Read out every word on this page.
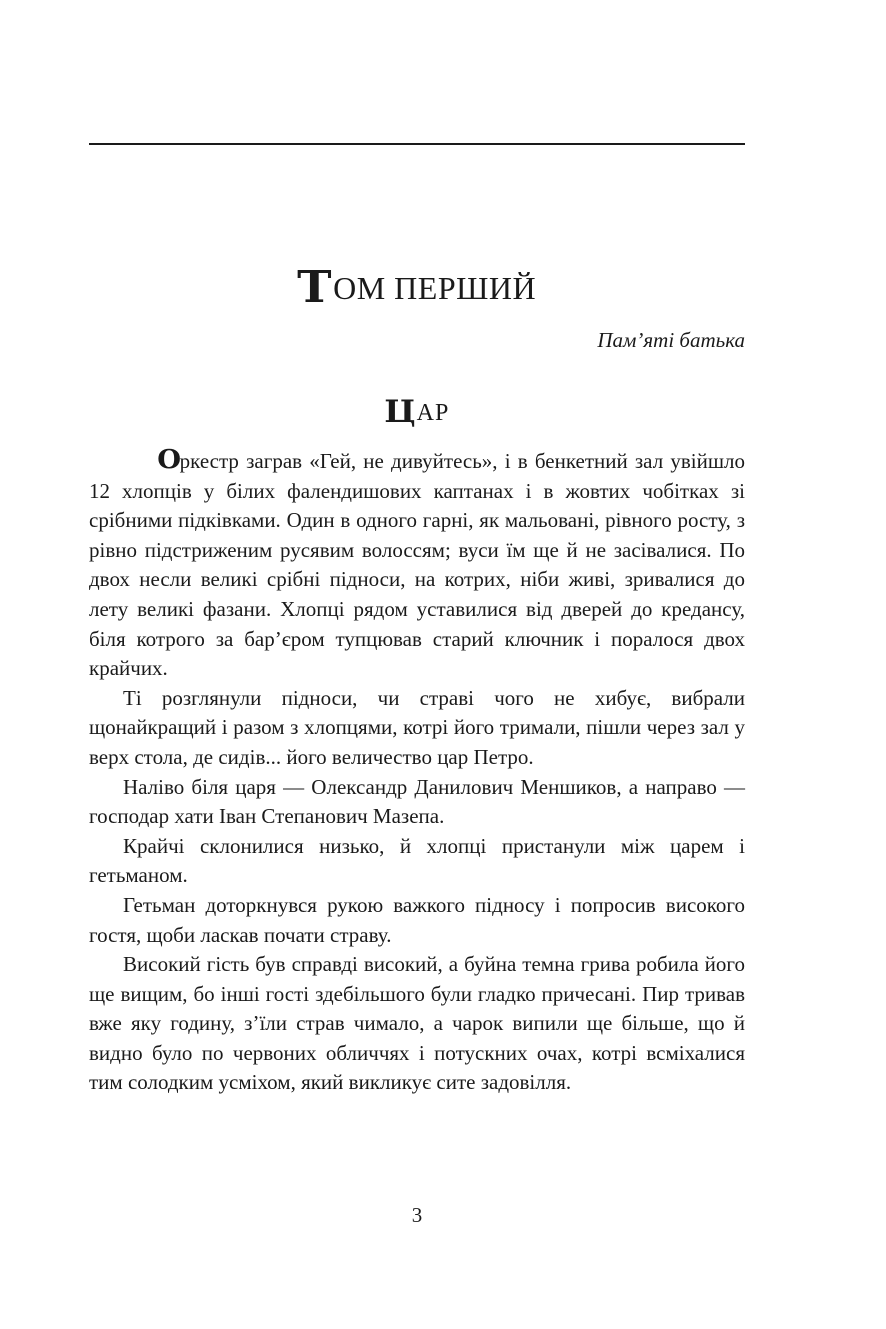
ТОМ ПЕРШИЙ
Пам’яті батька
ЦАР

Оркестр заграв «Гей, не дивуйтесь», і в бенкетний зал увійшло 12 хлопців у білих фалендишових каптанах і в жовтих чобітках зі срібними підківками. Один в одного гарні, як мальовані, рівного росту, з рівно підстриженим русявим волоссям; вуси їм ще й не засівалися. По двох несли великі срібні підноси, на котрих, ніби живі, зривалися до лету великі фазани. Хлопці рядом уставилися від дверей до кредансу, біля котрого за бар’єром тупцював старий ключник і поралося двох крайчих.

Ті розглянули підноси, чи страві чого не хибує, вибрали щонайкращий і разом з хлопцями, котрі його тримали, пішли через зал у верх стола, де сидів... його величество цар Петро.

Наліво біля царя — Олександр Данилович Меншиков, а направо — господар хати Іван Степанович Мазепа.

Крайчі склонилися низько, й хлопці пристанули між царем і гетьманом.

Гетьман доторкнувся рукою важкого підносу і попросив високого гостя, щоби ласкав почати страву.

Високий гість був справді високий, а буйна темна грива робила його ще вищим, бо інші гості здебільшого були гладко причесані. Пир тривав вже яку годину, з’їли страв чимало, а чарок випили ще більше, що й видно було по червоних обличчях і потускних очах, котрі всміхалися тим солодким усміхом, який викликує сите задовілля.

3
